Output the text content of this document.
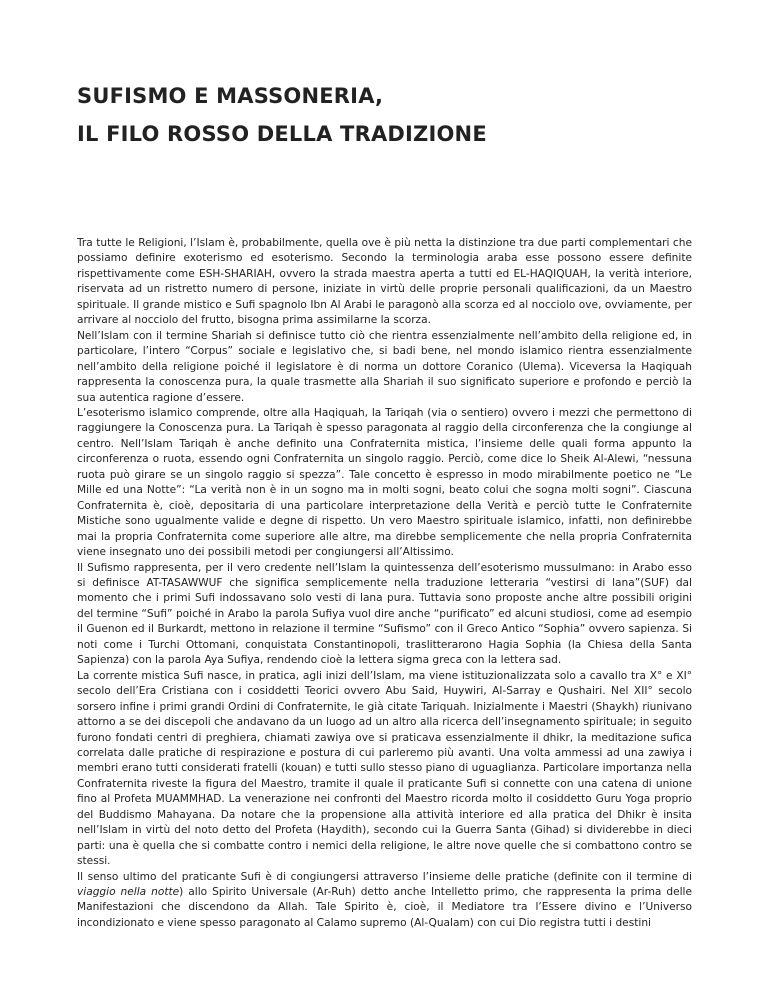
SUFISMO E MASSONERIA,
IL FILO ROSSO DELLA TRADIZIONE

Tra tutte le Religioni, l’Islam è, probabilmente, quella ove è più netta la distinzione tra due parti complementari che possiamo definire exoterismo ed esoterismo. Secondo la terminologia araba esse possono essere definite rispettivamente come ESH-SHARIAH, ovvero la strada maestra aperta a tutti ed EL-HAQIQUAH, la verità interiore, riservata ad un ristretto numero di persone, iniziate in virtù delle proprie personali qualificazioni, da un Maestro spirituale. Il grande mistico e Sufi spagnolo Ibn Al Arabi le paragonò alla scorza ed al nocciolo ove, ovviamente, per arrivare al nocciolo del frutto, bisogna prima assimilarne la scorza.

Nell’Islam con il termine Shariah si definisce tutto ciò che rientra essenzialmente nell’ambito della religione ed, in particolare, l’intero “Corpus” sociale e legislativo che, si badi bene, nel mondo islamico rientra essenzialmente nell’ambito della religione poiché il legislatore è di norma un dottore Coranico (Ulema). Viceversa la Haqiquah rappresenta la conoscenza pura, la quale trasmette alla Shariah il suo significato superiore e profondo e perciò la sua autentica ragione d’essere.

L’esoterismo islamico comprende, oltre alla Haqiquah, la Tariqah (via o sentiero) ovvero i mezzi che permettono di raggiungere la Conoscenza pura. La Tariqah è spesso paragonata al raggio della circonferenza che la congiunge al centro. Nell’Islam Tariqah è anche definito una Confraternita mistica, l’insieme delle quali forma appunto la circonferenza o ruota, essendo ogni Confraternita un singolo raggio. Perciò, come dice lo Sheik Al-Alewi, “nessuna ruota può girare se un singolo raggio si spezza”. Tale concetto è espresso in modo mirabilmente poetico ne “Le Mille ed una Notte”: “La verità non è in un sogno ma in molti sogni, beato colui che sogna molti sogni”. Ciascuna Confraternita è, cioè, depositaria di una particolare interpretazione della Verità e perciò tutte le Confraternite Mistiche sono ugualmente valide e degne di rispetto. Un vero Maestro spirituale islamico, infatti, non definirebbe mai la propria Confraternita come superiore alle altre, ma direbbe semplicemente che nella propria Confraternita viene insegnato uno dei possibili metodi per congiungersi all’Altissimo.

Il Sufismo rappresenta, per il vero credente nell’Islam la quintessenza dell’esoterismo mussulmano: in Arabo esso si definisce AT-TASAWWUF che significa semplicemente nella traduzione letteraria “vestirsi di lana”(SUF) dal momento che i primi Sufi indossavano solo vesti di lana pura. Tuttavia sono proposte anche altre possibili origini del termine “Sufi” poiché in Arabo la parola Sufiya vuol dire anche “purificato” ed alcuni studiosi, come ad esempio il Guenon ed il Burkardt, mettono in relazione il termine “Sufismo” con il Greco Antico “Sophia” ovvero sapienza. Si noti come i Turchi Ottomani, conquistata Constantinopoli, traslitterarono Hagia Sophia (la Chiesa della Santa Sapienza) con la parola Aya Sufiya, rendendo cioè la lettera sigma greca con la lettera sad.

La corrente mistica Sufi nasce, in pratica, agli inizi dell’Islam, ma viene istituzionalizzata solo a cavallo tra X° e XI° secolo dell’Era Cristiana con i cosiddetti Teorici ovvero Abu Said, Huywiri, Al-Sarray e Qushairi. Nel XII° secolo sorsero infine i primi grandi Ordini di Confraternite, le già citate Tariquah. Inizialmente i Maestri (Shaykh) riunivano attorno a se dei discepoli che andavano da un luogo ad un altro alla ricerca dell’insegnamento spirituale; in seguito furono fondati centri di preghiera, chiamati zawiya ove si praticava essenzialmente il dhikr, la meditazione sufica correlata dalle pratiche di respirazione e postura di cui parleremo più avanti. Una volta ammessi ad una zawiya i membri erano tutti considerati fratelli (kouan) e tutti sullo stesso piano di uguaglianza. Particolare importanza nella Confraternita riveste la figura del Maestro, tramite il quale il praticante Sufi si connette con una catena di unione fino al Profeta MUAMMHAD. La venerazione nei confronti del Maestro ricorda molto il cosiddetto Guru Yoga proprio del Buddismo Mahayana. Da notare che la propensione alla attività interiore ed alla pratica del Dhikr è insita nell’Islam in virtù del noto detto del Profeta (Haydith), secondo cui la Guerra Santa (Gihad) si dividerebbe in dieci parti: una è quella che si combatte contro i nemici della religione, le altre nove quelle che si combattono contro se stessi.

Il senso ultimo del praticante Sufi è di congiungersi attraverso l’insieme delle pratiche (definite con il termine di viaggio nella notte) allo Spirito Universale (Ar-Ruh) detto anche Intelletto primo, che rappresenta la prima delle Manifestazioni che discendono da Allah. Tale Spirito è, cioè, il Mediatore tra l’Essere divino e l’Universo incondizionato e viene spesso paragonato al Calamo supremo (Al-Qualam) con cui Dio registra tutti i destini
